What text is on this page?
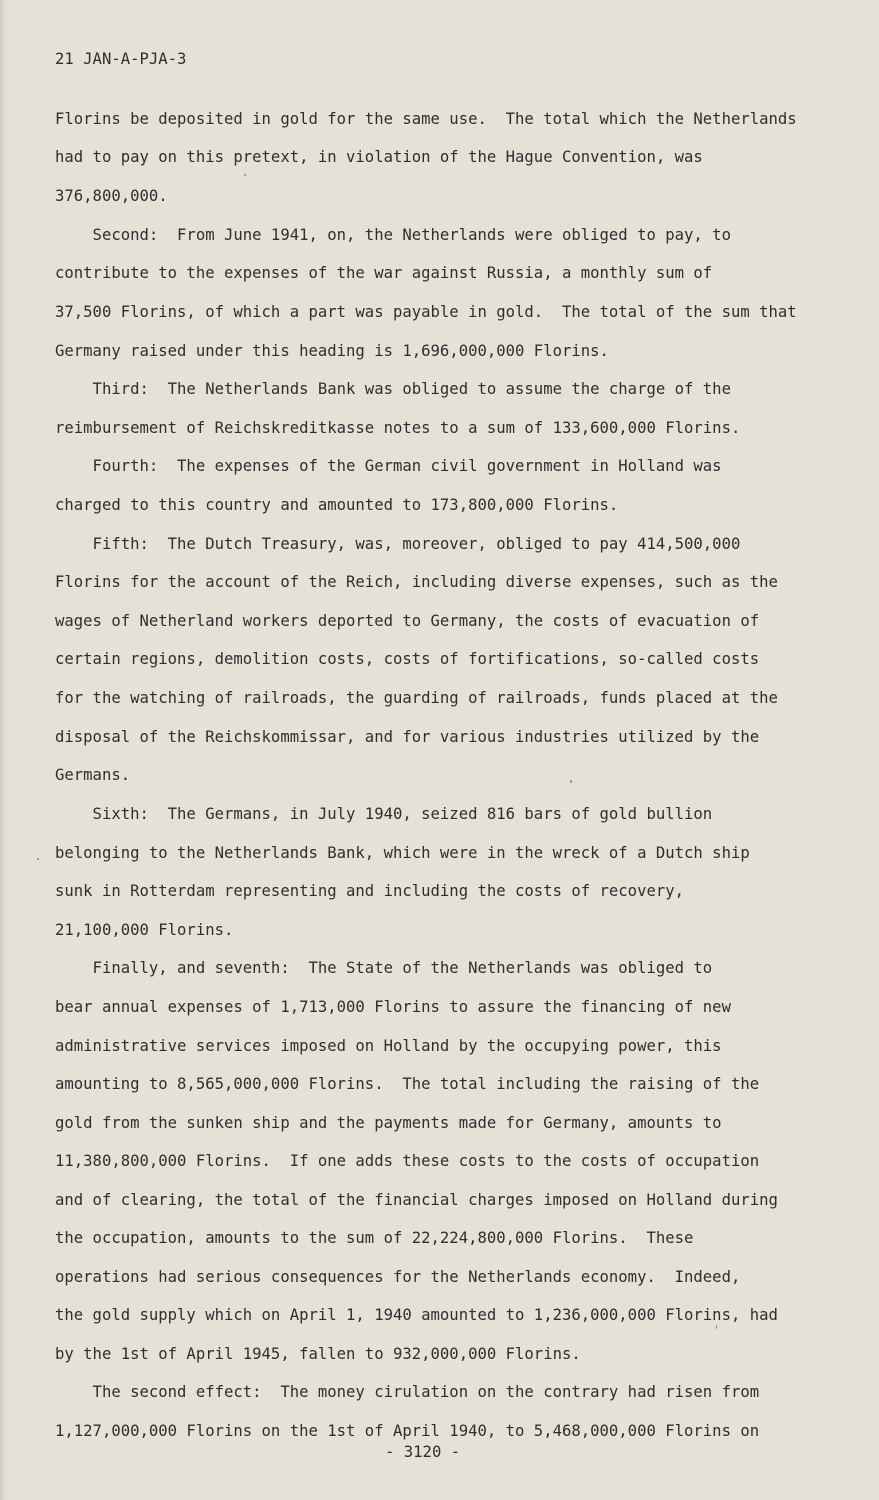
21 JAN-A-PJA-3
Florins be deposited in gold for the same use.  The total which the Netherlands
had to pay on this pretext, in violation of the Hague Convention, was
376,800,000.
Second:  From June 1941, on, the Netherlands were obliged to pay, to
contribute to the expenses of the war against Russia, a monthly sum of
37,500 Florins, of which a part was payable in gold.  The total of the sum that
Germany raised under this heading is 1,696,000,000 Florins.
Third:  The Netherlands Bank was obliged to assume the charge of the
reimbursement of Reichskreditkasse notes to a sum of 133,600,000 Florins.
Fourth:  The expenses of the German civil government in Holland was
charged to this country and amounted to 173,800,000 Florins.
Fifth:  The Dutch Treasury, was, moreover, obliged to pay 414,500,000
Florins for the account of the Reich, including diverse expenses, such as the
wages of Netherland workers deported to Germany, the costs of evacuation of
certain regions, demolition costs, costs of fortifications, so-called costs
for the watching of railroads, the guarding of railroads, funds placed at the
disposal of the Reichskommissar, and for various industries utilized by the
Germans.
Sixth:  The Germans, in July 1940, seized 816 bars of gold bullion
belonging to the Netherlands Bank, which were in the wreck of a Dutch ship
sunk in Rotterdam representing and including the costs of recovery,
21,100,000 Florins.
Finally, and seventh:  The State of the Netherlands was obliged to
bear annual expenses of 1,713,000 Florins to assure the financing of new
administrative services imposed on Holland by the occupying power, this
amounting to 8,565,000,000 Florins.  The total including the raising of the
gold from the sunken ship and the payments made for Germany, amounts to
11,380,800,000 Florins.  If one adds these costs to the costs of occupation
and of clearing, the total of the financial charges imposed on Holland during
the occupation, amounts to the sum of 22,224,800,000 Florins.  These
operations had serious consequences for the Netherlands economy.  Indeed,
the gold supply which on April 1, 1940 amounted to 1,236,000,000 Florins, had
by the 1st of April 1945, fallen to 932,000,000 Florins.
The second effect:  The money cirulation on the contrary had risen from
1,127,000,000 Florins on the 1st of April 1940, to 5,468,000,000 Florins on
- 3120 -
